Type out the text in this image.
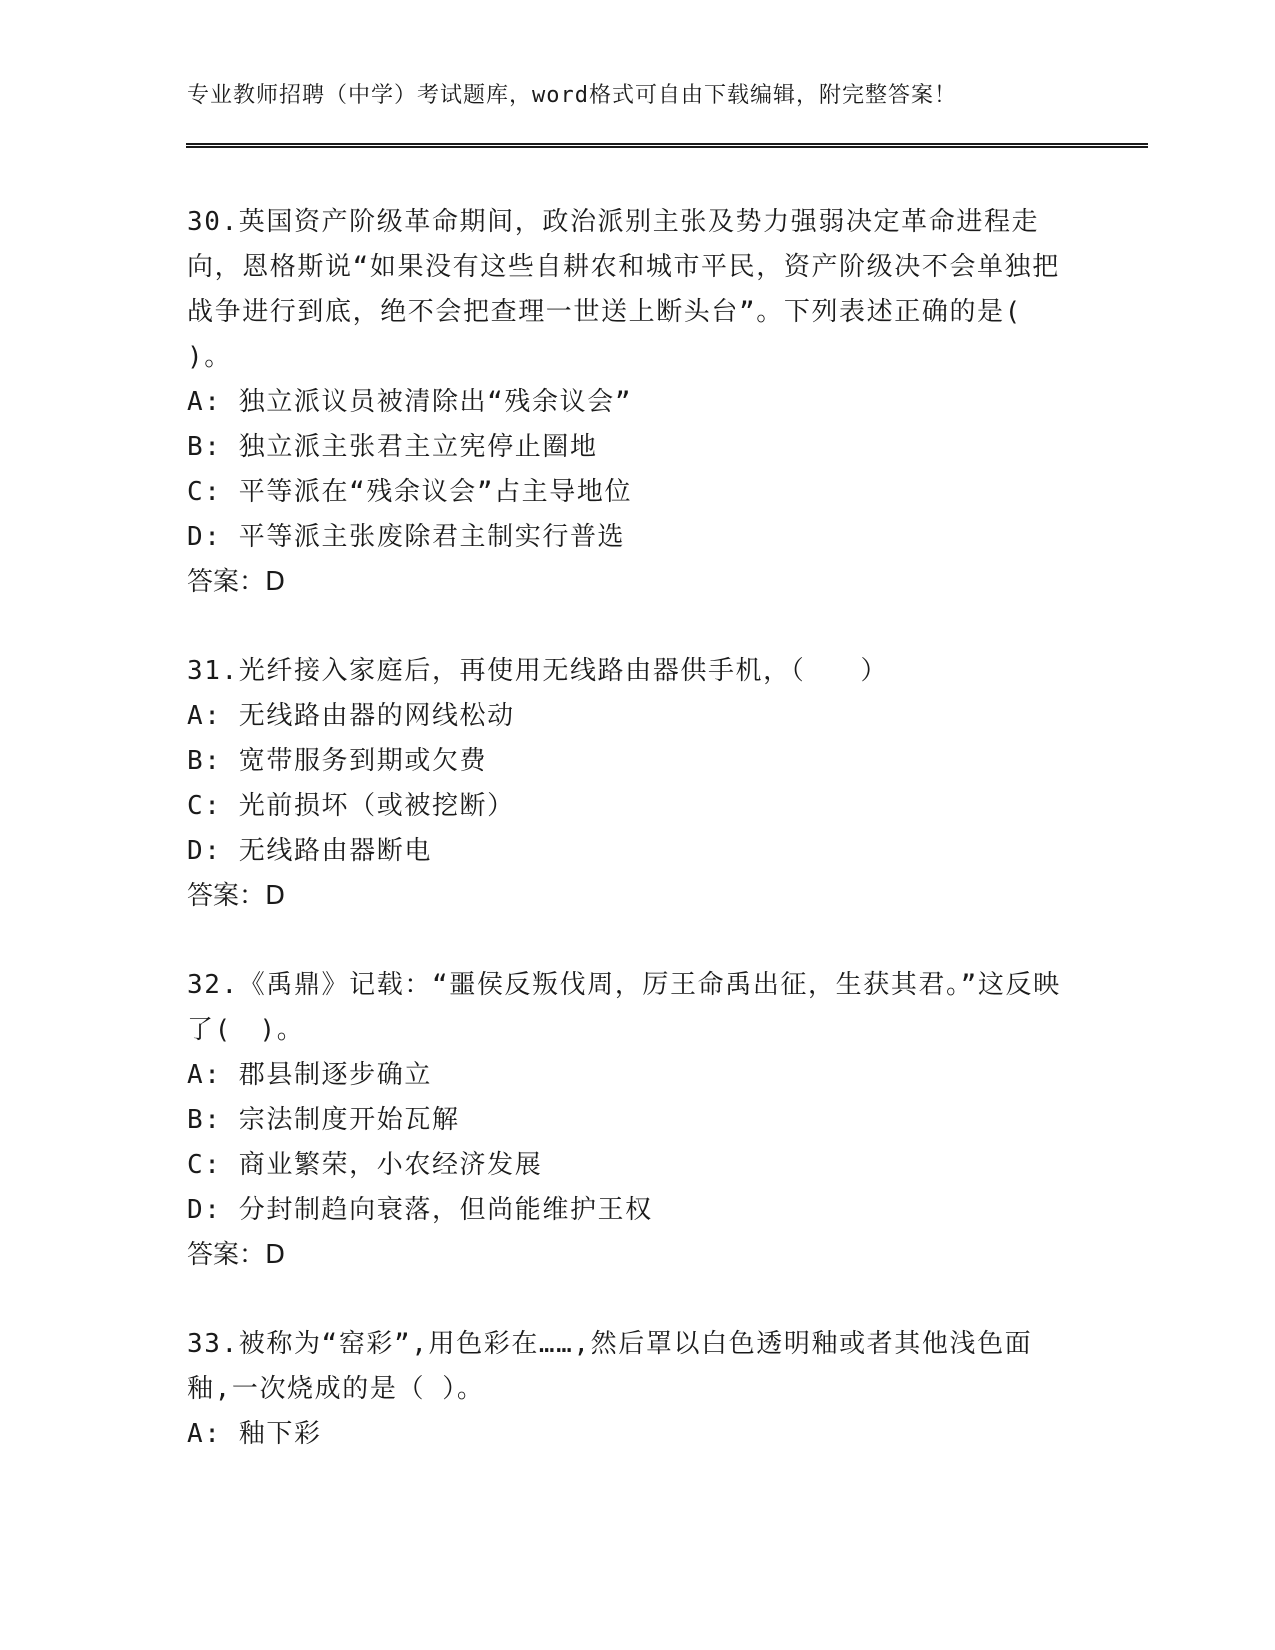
专业教师招聘（中学）考试题库，word格式可自由下载编辑，附完整答案！

30.英国资产阶级革命期间，政治派别主张及势力强弱决定革命进程走向，恩格斯说“如果没有这些自耕农和城市平民，资产阶级决不会单独把战争进行到底，绝不会把查理一世送上断头台”。下列表述正确的是( )。

A: 独立派议员被清除出“残余议会”

B: 独立派主张君主立宪停止圈地

C: 平等派在“残余议会”占主导地位

D: 平等派主张废除君主制实行普选

答案：D

31.光纤接入家庭后，再使用无线路由器供手机，（　　）

A: 无线路由器的网线松动

B: 宽带服务到期或欠费

C: 光前损坏（或被挖断）

D: 无线路由器断电

答案：D

32.《禹鼎》记载：“噩侯反叛伐周，厉王命禹出征，生获其君。”这反映了(　)。

A: 郡县制逐步确立

B: 宗法制度开始瓦解

C: 商业繁荣，小农经济发展

D: 分封制趋向衰落，但尚能维护王权

答案：D

33.被称为“窑彩”,用色彩在……,然后罩以白色透明釉或者其他浅色面釉,一次烧成的是（ ）。

A: 釉下彩
